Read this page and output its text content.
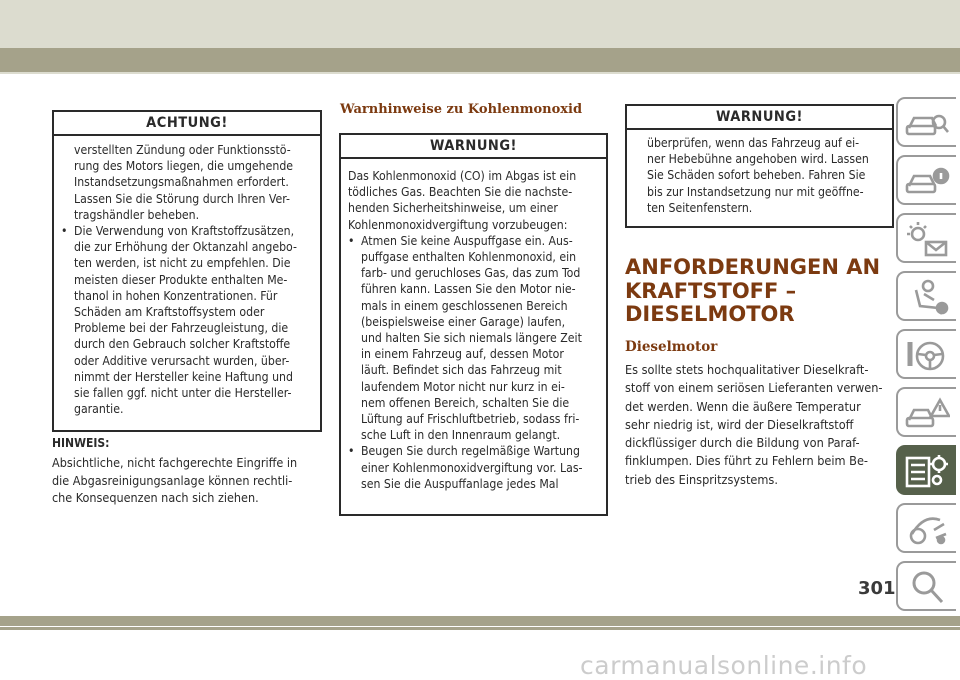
ACHTUNG!
verstellten Zündung oder Funktionsstö-
rung des Motors liegen, die umgehende
Instandsetzungsmaßnahmen erfordert.
Lassen Sie die Störung durch Ihren Ver-
tragshändler beheben.
• Die Verwendung von Kraftstoffzusätzen,
die zur Erhöhung der Oktanzahl angebo-
ten werden, ist nicht zu empfehlen. Die
meisten dieser Produkte enthalten Me-
thanol in hohen Konzentrationen. Für
Schäden am Kraftstoffsystem oder
Probleme bei der Fahrzeugleistung, die
durch den Gebrauch solcher Kraftstoffe
oder Additive verursacht wurden, über-
nimmt der Hersteller keine Haftung und
sie fallen ggf. nicht unter die Hersteller-
garantie.
HINWEIS:
Absichtliche, nicht fachgerechte Eingriffe in
die Abgasreinigungsanlage können rechtli-
che Konsequenzen nach sich ziehen.
Warnhinweise zu Kohlenmonoxid
WARNUNG!
Das Kohlenmonoxid (CO) im Abgas ist ein
tödliches Gas. Beachten Sie die nachste-
henden Sicherheitshinweise, um einer
Kohlenmonoxidvergiftung vorzubeugen:
• Atmen Sie keine Auspuffgase ein. Aus-
puffgase enthalten Kohlenmonoxid, ein
farb- und geruchloses Gas, das zum Tod
führen kann. Lassen Sie den Motor nie-
mals in einem geschlossenen Bereich
(beispielsweise einer Garage) laufen,
und halten Sie sich niemals längere Zeit
in einem Fahrzeug auf, dessen Motor
läuft. Befindet sich das Fahrzeug mit
laufendem Motor nicht nur kurz in ei-
nem offenen Bereich, schalten Sie die
Lüftung auf Frischluftbetrieb, sodass fri-
sche Luft in den Innenraum gelangt.
• Beugen Sie durch regelmäßige Wartung
einer Kohlenmonoxidvergiftung vor. Las-
sen Sie die Auspuffanlage jedes Mal
WARNUNG!
überprüfen, wenn das Fahrzeug auf ei-
ner Hebebühne angehoben wird. Lassen
Sie Schäden sofort beheben. Fahren Sie
bis zur Instandsetzung nur mit geöffne-
ten Seitenfenstern.
ANFORDERUNGEN AN
KRAFTSTOFF –
DIESELMOTOR
Dieselmotor
Es sollte stets hochqualitativer Dieselkraft-
stoff von einem seriösen Lieferanten verwen-
det werden. Wenn die äußere Temperatur
sehr niedrig ist, wird der Dieselkraftstoff
dickflüssiger durch die Bildung von Paraf-
finklumpen. Dies führt zu Fehlern beim Be-
trieb des Einspritzsystems.
301
carmanualsonline.info
